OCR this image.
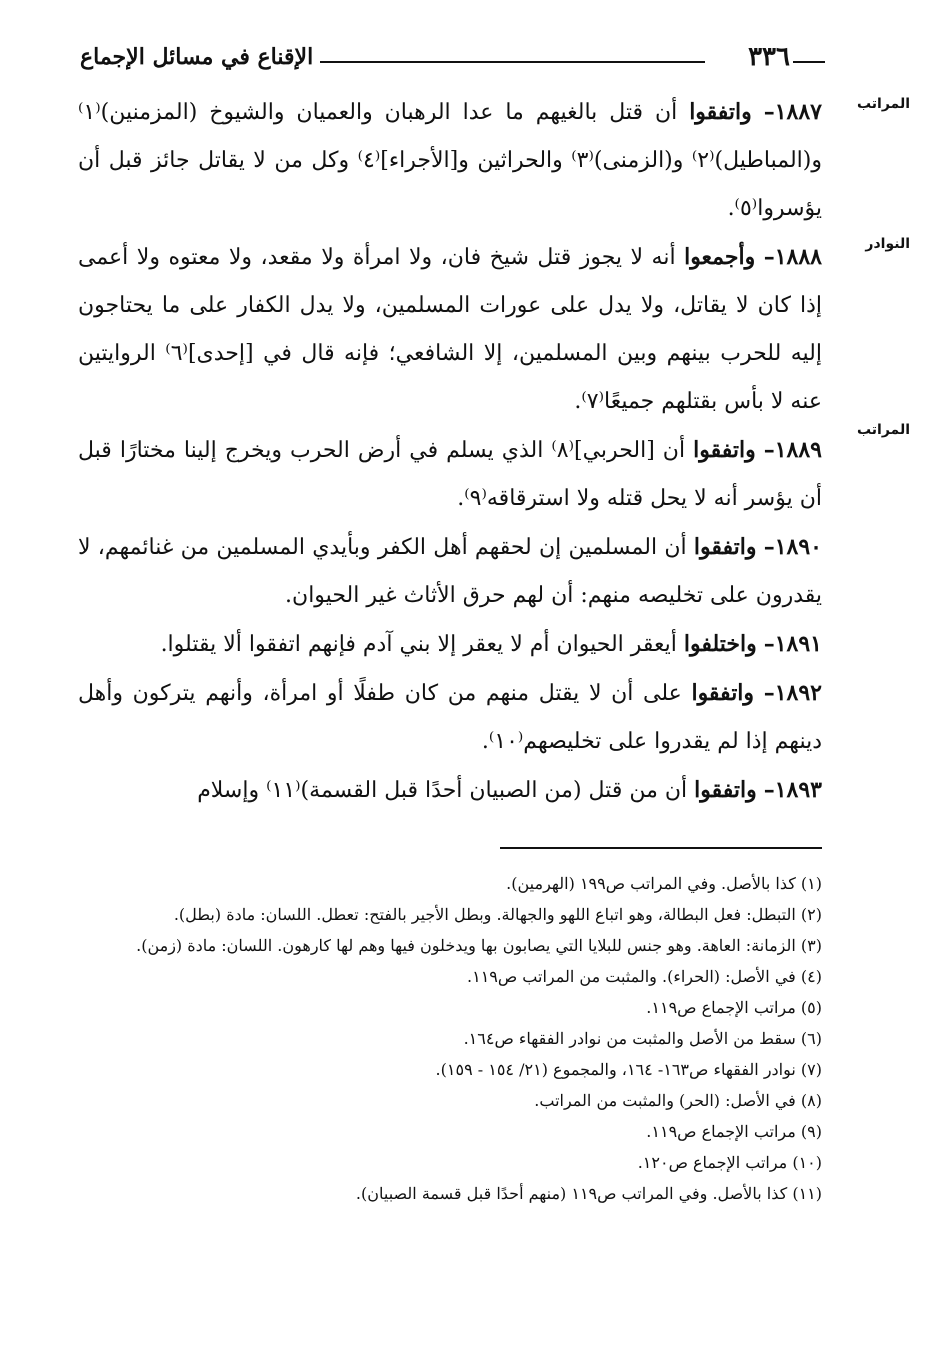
٣٣٦
الإقناع في مسائل الإجماع
المراتب
النوادر
المراتب

١٨٨٧– واتفقوا أن قتل بالغيهم ما عدا الرهبان والعميان والشيوخ (المزمنين)⁽١⁾ و(المباطيل)⁽٢⁾ و(الزمنى)⁽٣⁾ والحراثين و[الأجراء]⁽٤⁾ وكل من لا يقاتل جائز قبل أن يؤسروا⁽٥⁾.

١٨٨٨– وأجمعوا أنه لا يجوز قتل شيخ فان، ولا امرأة ولا مقعد، ولا معتوه ولا أعمى إذا كان لا يقاتل، ولا يدل على عورات المسلمين، ولا يدل الكفار على ما يحتاجون إليه للحرب بينهم وبين المسلمين، إلا الشافعي؛ فإنه قال في [إحدى]⁽٦⁾ الروايتين عنه لا بأس بقتلهم جميعًا⁽٧⁾.

١٨٨٩– واتفقوا أن [الحربي]⁽٨⁾ الذي يسلم في أرض الحرب ويخرج إلينا مختارًا قبل أن يؤسر أنه لا يحل قتله ولا استرقاقه⁽٩⁾.

١٨٩٠– واتفقوا أن المسلمين إن لحقهم أهل الكفر وبأيدي المسلمين من غنائمهم، لا يقدرون على تخليصه منهم: أن لهم حرق الأثاث غير الحيوان.

١٨٩١– واختلفوا أيعقر الحيوان أم لا يعقر إلا بني آدم فإنهم اتفقوا ألا يقتلوا.

١٨٩٢– واتفقوا على أن لا يقتل منهم من كان طفلًا أو امرأة، وأنهم يتركون وأهل دينهم إذا لم يقدروا على تخليصهم⁽١٠⁾.

١٨٩٣– واتفقوا أن من قتل (من الصبيان أحدًا قبل القسمة)⁽١١⁾ وإسلام

(١) كذا بالأصل. وفي المراتب ص١٩٩ (الهرمين).

(٢) التبطل: فعل البطالة، وهو اتباع اللهو والجهالة. وبطل الأجير بالفتح: تعطل. اللسان: مادة (بطل).

(٣) الزمانة: العاهة. وهو جنس للبلايا التي يصابون بها ويدخلون فيها وهم لها كارهون. اللسان: مادة (زمن).

(٤) في الأصل: (الحراء). والمثبت من المراتب ص١١٩.

(٥) مراتب الإجماع ص١١٩.

(٦) سقط من الأصل والمثبت من نوادر الفقهاء ص١٦٤.

(٧) نوادر الفقهاء ص١٦٣- ١٦٤، والمجموع (٢١/ ١٥٤ - ١٥٩).

(٨) في الأصل: (الحر) والمثبت من المراتب.

(٩) مراتب الإجماع ص١١٩.

(١٠) مراتب الإجماع ص١٢٠.

(١١) كذا بالأصل. وفي المراتب ص١١٩ (منهم أحدًا قبل قسمة الصبيان).
